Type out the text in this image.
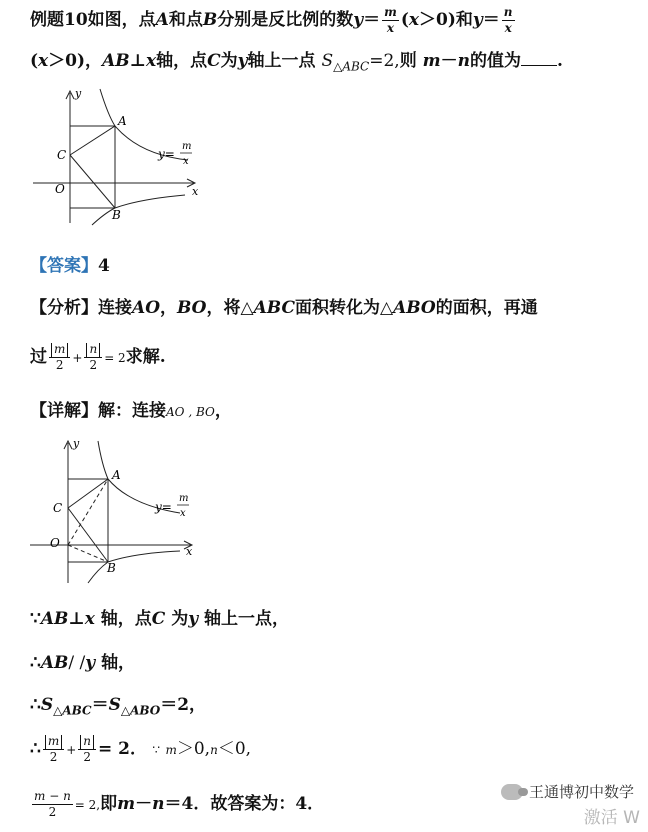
例题10如图，点A和点B分别是反比例的数$y= \frac{m}{x} (x>0)$和$y= \frac{n}{x}$
(x＞0)，AB⊥x轴，点C为y轴上一点 $S_{\triangle ABC}=2$,则 m－n的值为 .
y
x
O
A
B
C	y=
m
x
【答案】4
【分析】连接AO，BO，将△ABC面积转化为△ABO的面积，再通
过 $\frac{m}{2} + \frac{n}{2} = 2$求解.
【详解】解：连接AO , BO，
y
x
O
A
B
C	y=
m
x
∵AB⊥x 轴，点C 为y 轴上一点，
∴AB/ /y 轴，
$\therefore S_{\triangle ABC}=S_{\triangle ABO}=2$，
∴ $\frac{m}{2} + \frac{n}{2} = 2$． ∵ m＞0,n＜0,
$\frac{m - n}{2} = 2$,即m－n＝4．故答案为：4．
王通博初中数学
激活 W
